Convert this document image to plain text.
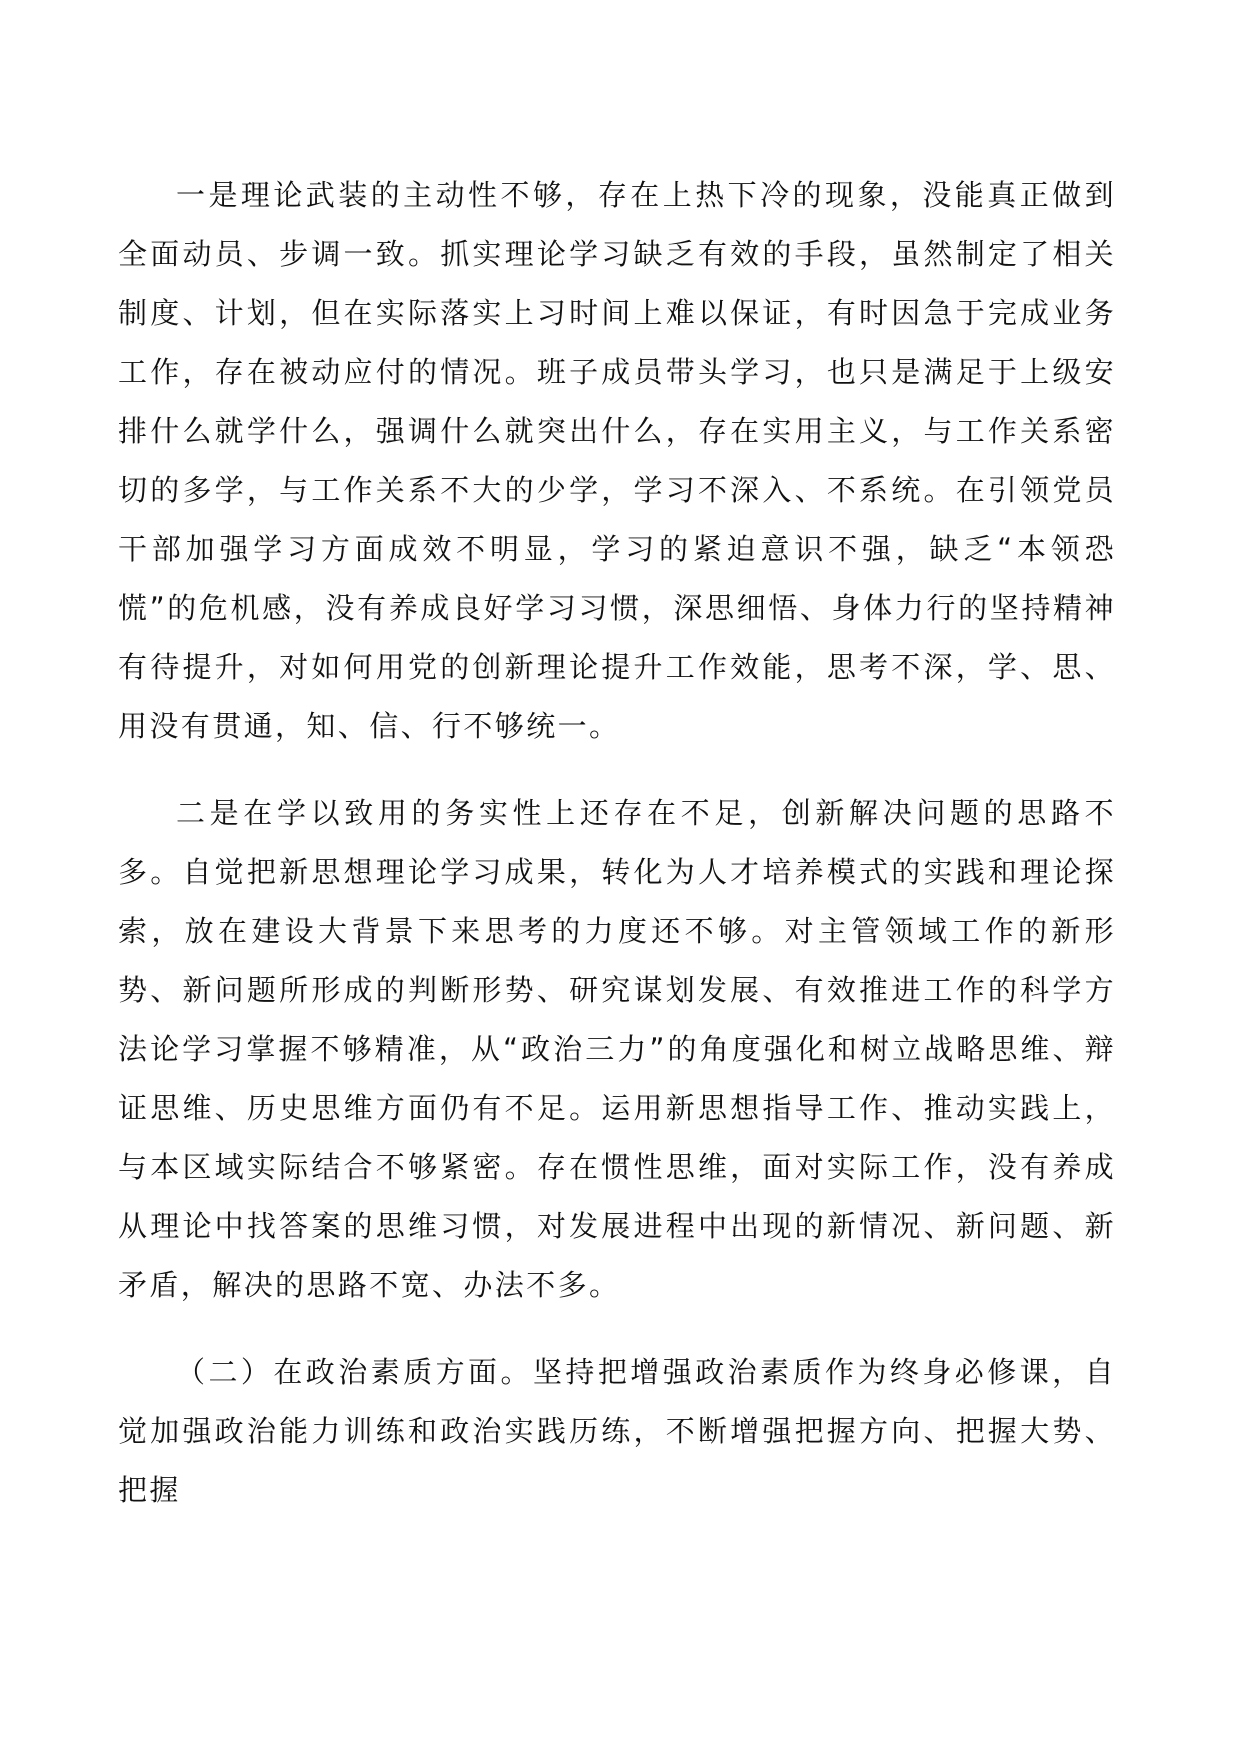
一是理论武装的主动性不够，存在上热下冷的现象，没能真正做到全面动员、步调一致。抓实理论学习缺乏有效的手段，虽然制定了相关制度、计划，但在实际落实上习时间上难以保证，有时因急于完成业务工作，存在被动应付的情况。班子成员带头学习，也只是满足于上级安排什么就学什么，强调什么就突出什么，存在实用主义，与工作关系密切的多学，与工作关系不大的少学，学习不深入、不系统。在引领党员干部加强学习方面成效不明显，学习的紧迫意识不强，缺乏“本领恐慌”的危机感，没有养成良好学习习惯，深思细悟、身体力行的坚持精神有待提升，对如何用党的创新理论提升工作效能，思考不深，学、思、用没有贯通，知、信、行不够统一。

二是在学以致用的务实性上还存在不足，创新解决问题的思路不多。自觉把新思想理论学习成果，转化为人才培养模式的实践和理论探索，放在建设大背景下来思考的力度还不够。对主管领域工作的新形势、新问题所形成的判断形势、研究谋划发展、有效推进工作的科学方法论学习掌握不够精准，从“政治三力”的角度强化和树立战略思维、辩证思维、历史思维方面仍有不足。运用新思想指导工作、推动实践上，与本区域实际结合不够紧密。存在惯性思维，面对实际工作，没有养成从理论中找答案的思维习惯，对发展进程中出现的新情况、新问题、新矛盾，解决的思路不宽、办法不多。

（二）在政治素质方面。坚持把增强政治素质作为终身必修课，自觉加强政治能力训练和政治实践历练，不断增强把握方向、把握大势、把握
